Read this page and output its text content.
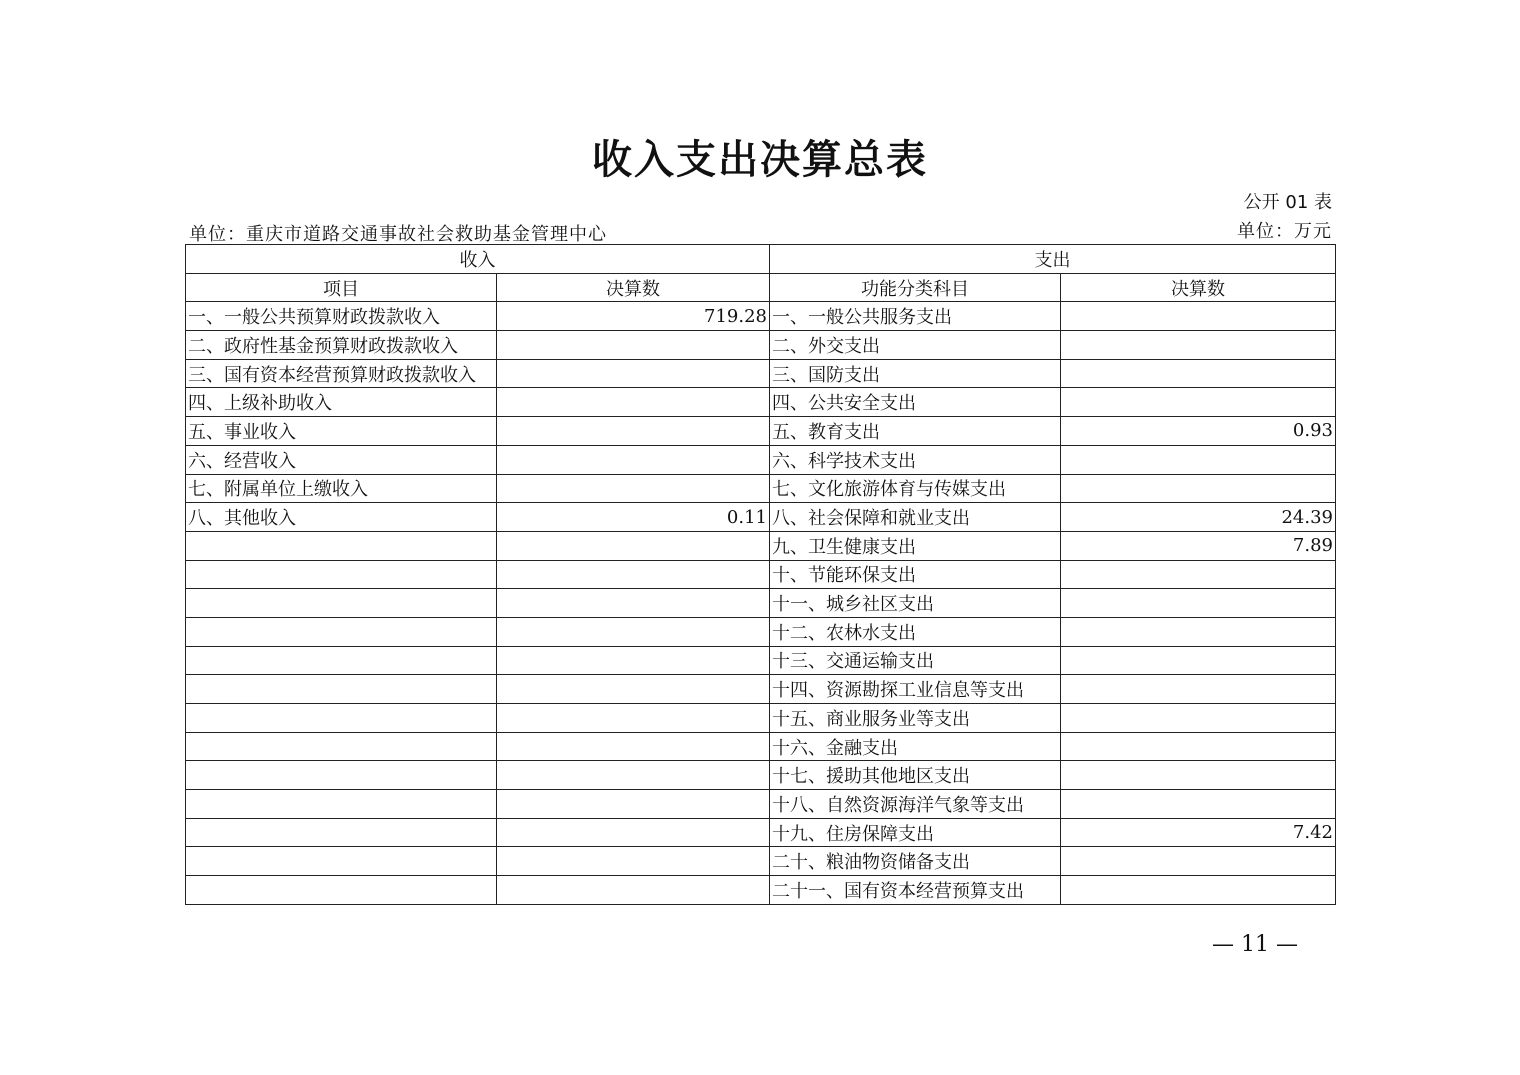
收入支出决算总表
公开 01 表
单位：重庆市道路交通事故社会救助基金管理中心	单位：万元
收入		支出	
项目	决算数	功能分类科目	决算数
一、一般公共预算财政拨款收入	719.28	一、一般公共服务支出	
二、政府性基金预算财政拨款收入		二、外交支出	
三、国有资本经营预算财政拨款收入		三、国防支出	
四、上级补助收入		四、公共安全支出	
五、事业收入		五、教育支出	0.93
六、经营收入		六、科学技术支出	
七、附属单位上缴收入		七、文化旅游体育与传媒支出	
八、其他收入	0.11	八、社会保障和就业支出	24.39
		九、卫生健康支出	7.89
		十、节能环保支出	
		十一、城乡社区支出	
		十二、农林水支出	
		十三、交通运输支出	
		十四、资源勘探工业信息等支出	
		十五、商业服务业等支出	
		十六、金融支出	
		十七、援助其他地区支出	
		十八、自然资源海洋气象等支出	
		十九、住房保障支出	7.42
		二十、粮油物资储备支出	
		二十一、国有资本经营预算支出	
— 11 —
